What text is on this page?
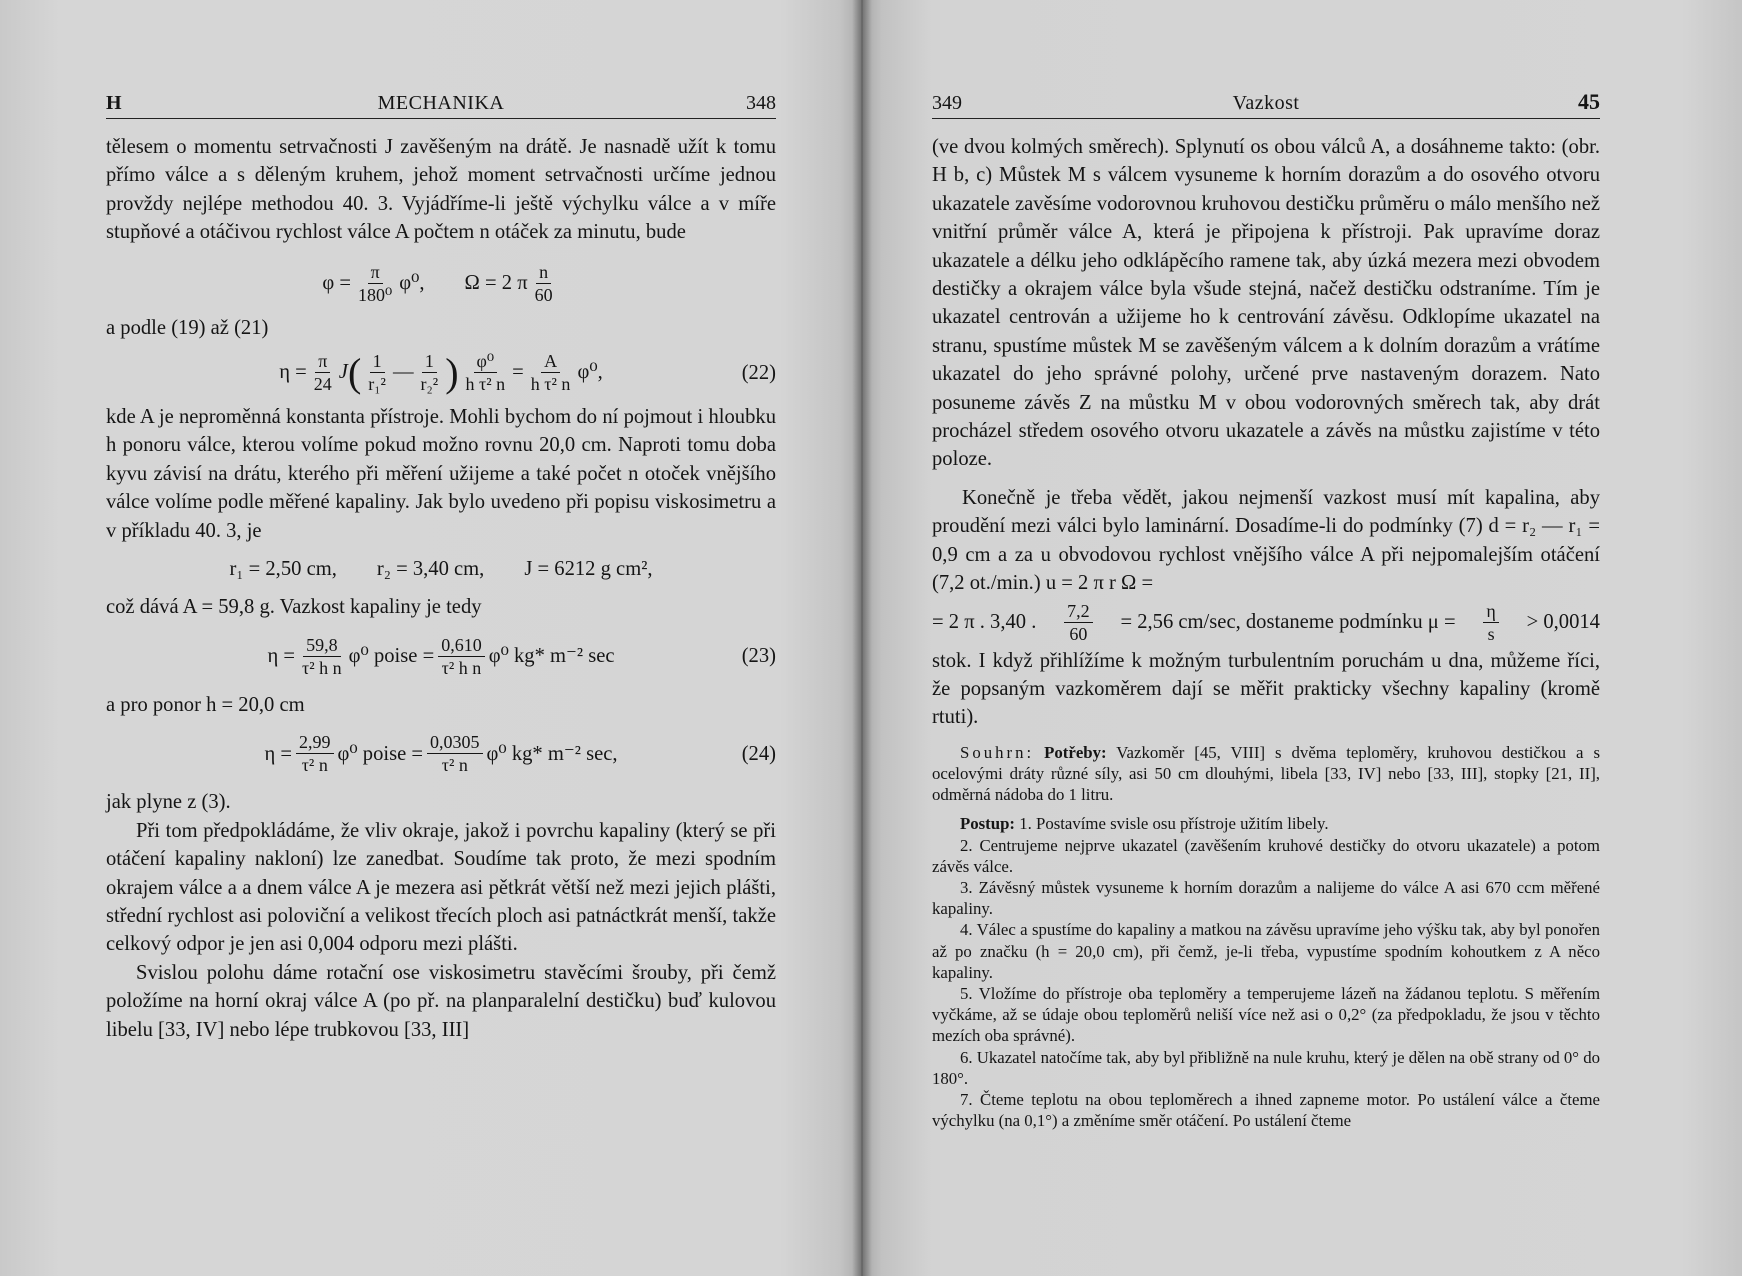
H	MECHANIKA	348

tělesem o momentu setrvačnosti J zavěšeným na drátě. Je nasnadě užít k tomu přímo válce a s děleným kruhem, jehož moment setrvačnosti určíme jednou provždy nejlépe methodou 40. 3. Vyjádříme-li ještě výchylku válce a v míře stupňové a otáčivou rychlost válce A počtem n otáček za minutu, bude

$\varphi = \frac{\pi}{\text{180⁰}} \varphi^0$, Ω = 2 π $\frac{n}{60}$

a podle (19) až (21)

$\eta = \frac{\pi}{24}$ J ( $\frac{1}{\text{r₁²}}$ — $\frac{1}{\text{r₂²}}$ ) $\frac{\text{φ⁰}}{\text{h τ² n}} = \frac{A}{\text{h τ² n}} \varphi^0$,	(22)

kde A je neproměnná konstanta přístroje. Mohli bychom do ní pojmout i hloubku h ponoru válce, kterou volíme pokud možno rovnu 20,0 cm. Naproti tomu doba kyvu závisí na drátu, kterého při měření užijeme a také počet n otoček vnějšího válce volíme podle měřené kapaliny. Jak bylo uvedeno při popisu viskosimetru a v příkladu 40. 3, je

r₁ = 2,50 cm, r₂ = 3,40 cm, J = 6212 g cm²,

což dává A = 59,8 g. Vazkost kapaliny je tedy

$\eta = \frac{59,8}{\text{τ² h n}} \varphi^0$ poise = $\frac{0,610}{\text{τ² h n}} \varphi^0$ kg* m⁻² sec	(23)

a pro ponor h = 20,0 cm

$\eta = \frac{2,99}{\text{τ² n}} \varphi^0$ poise = $\frac{0,0305}{\text{τ² n}} \varphi^0$ kg* m⁻² sec,	(24)

jak plyne z (3).

Při tom předpokládáme, že vliv okraje, jakož i povrchu kapaliny (který se při otáčení kapaliny nakloní) lze zanedbat. Soudíme tak proto, že mezi spodním okrajem válce a a dnem válce A je mezera asi pětkrát větší než mezi jejich plášti, střední rychlost asi poloviční a velikost třecích ploch asi patnáctkrát menší, takže celkový odpor je jen asi 0,004 odporu mezi plášti.

Svislou polohu dáme rotační ose viskosimetru stavěcími šrouby, při čemž položíme na horní okraj válce A (po př. na planparalelní destičku) buď kulovou libelu [33, IV] nebo lépe trubkovou [33, III]

349	Vazkost	45

(ve dvou kolmých směrech). Splynutí os obou válců A, a dosáhneme takto: (obr. H b, c) Můstek M s válcem vysuneme k horním dorazům a do osového otvoru ukazatele zavěsíme vodorovnou kruhovou destičku průměru o málo menšího než vnitřní průměr válce A, která je připojena k přístroji. Pak upravíme doraz ukazatele a délku jeho odklápěcího ramene tak, aby úzká mezera mezi obvodem destičky a okrajem válce byla všude stejná, načež destičku odstraníme. Tím je ukazatel centrován a užijeme ho k centrování závěsu. Odklopíme ukazatel na stranu, spustíme můstek M se zavěšeným válcem a k dolním dorazům a vrátíme ukazatel do jeho správné polohy, určené prve nastaveným dorazem. Nato posuneme závěs Z na můstku M v obou vodorovných směrech tak, aby drát procházel středem osového otvoru ukazatele a závěs na můstku zajistíme v této poloze.

Konečně je třeba vědět, jakou nejmenší vazkost musí mít kapalina, aby proudění mezi válci bylo laminární. Dosadíme-li do podmínky (7) d = r₂ — r₁ = 0,9 cm a za u obvodovou rychlost vnějšího válce A při nejpomalejším otáčení (7,2 ot./min.) u = 2 π r Ω =

= 2 π . 3,40 . $\frac{7,2}{60} = 2,56$ cm/sec, dostaneme podmínku $\mu = \frac{\eta}{s} > 0,0014$

stok. I když přihlížíme k možným turbulentním poruchám u dna, můžeme říci, že popsaným vazkoměrem dají se měřit prakticky všechny kapaliny (kromě rtuti).

Souhrn: Potřeby: Vazkoměr [45, VIII] s dvěma teploměry, kruhovou destičkou a s ocelovými dráty různé síly, asi 50 cm dlouhými, libela [33, IV] nebo [33, III], stopky [21, II], odměrná nádoba do 1 litru.

Postup: 1. Postavíme svisle osu přístroje užitím libely.

2. Centrujeme nejprve ukazatel (zavěšením kruhové destičky do otvoru ukazatele) a potom závěs válce.

3. Závěsný můstek vysuneme k horním dorazům a nalijeme do válce A asi 670 ccm měřené kapaliny.

4. Válec a spustíme do kapaliny a matkou na závěsu upravíme jeho výšku tak, aby byl ponořen až po značku (h = 20,0 cm), při čemž, je-li třeba, vypustíme spodním kohoutkem z A něco kapaliny.

5. Vložíme do přístroje oba teploměry a temperujeme lázeň na žádanou teplotu. S měřením vyčkáme, až se údaje obou teploměrů neliší více než asi o 0,2° (za předpokladu, že jsou v těchto mezích oba správné).

6. Ukazatel natočíme tak, aby byl přibližně na nule kruhu, který je dělen na obě strany od 0° do 180°.

7. Čteme teplotu na obou teploměrech a ihned zapneme motor. Po ustálení válce a čteme výchylku (na 0,1°) a změníme směr otáčení. Po ustálení čteme
